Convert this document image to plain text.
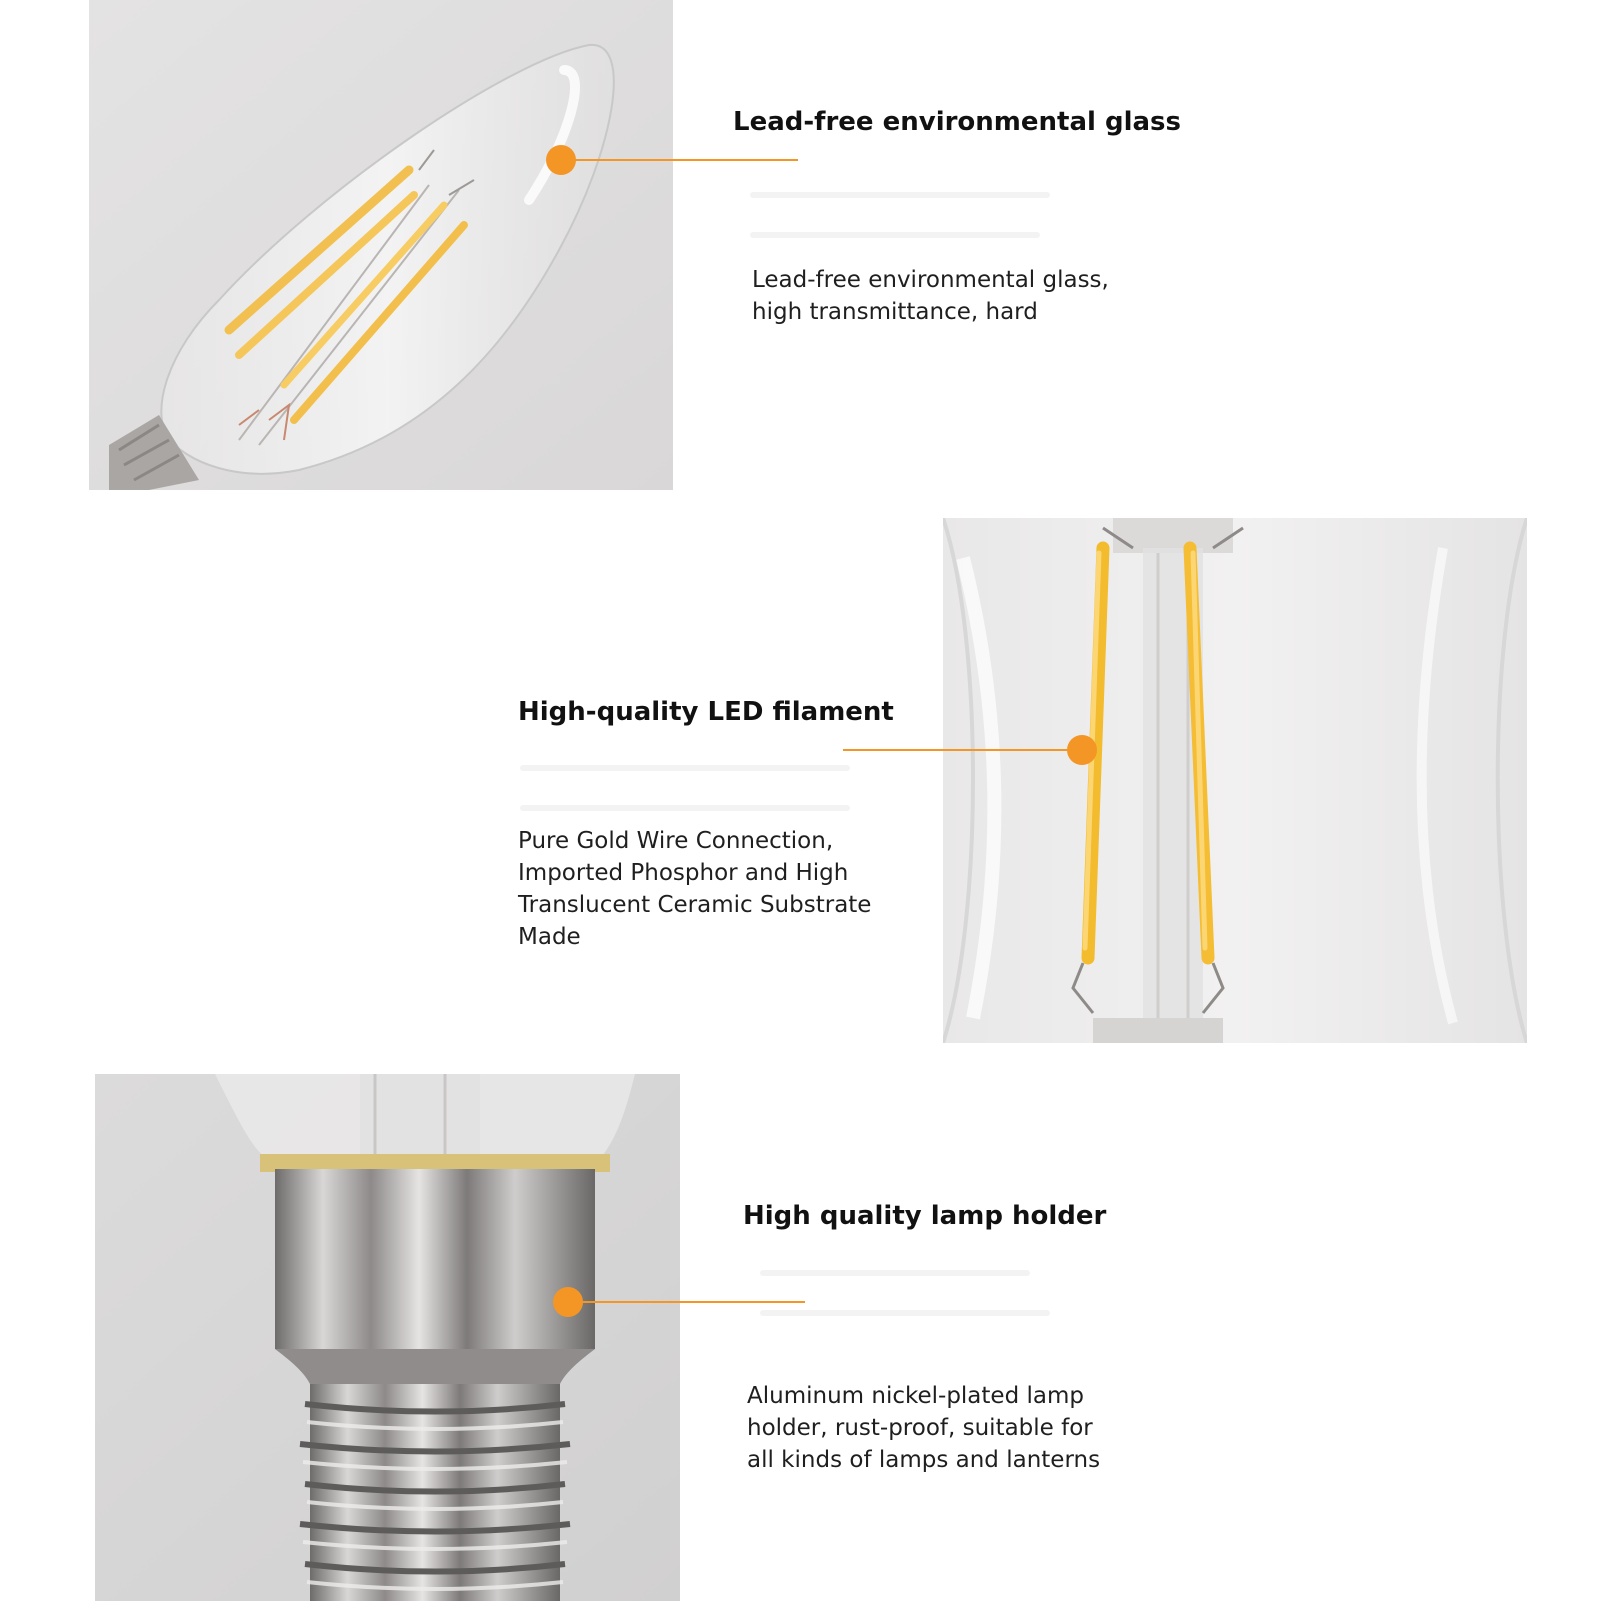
Lead-free environmental glass

Lead-free environmental glass,
high transmittance, hard

High-quality LED filament

Pure Gold Wire Connection,
Imported Phosphor and High
Translucent Ceramic Substrate
Made

High quality lamp holder

Aluminum nickel-plated lamp
holder, rust-proof, suitable for
all kinds of lamps and lanterns
